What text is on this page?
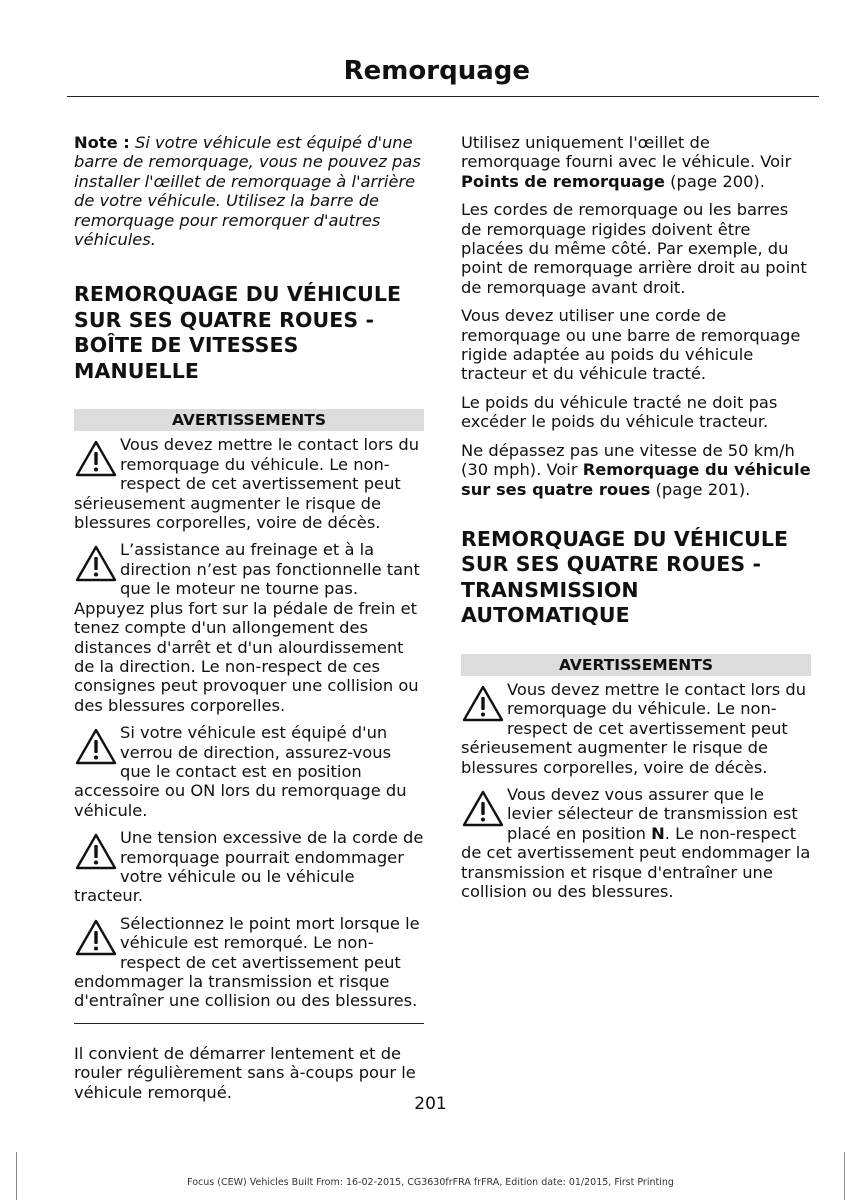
Remorquage

Note : Si votre véhicule est équipé d'une barre de remorquage, vous ne pouvez pas installer l'œillet de remorquage à l'arrière de votre véhicule. Utilisez la barre de remorquage pour remorquer d'autres véhicules.

REMORQUAGE DU VÉHICULE SUR SES QUATRE ROUES - BOÎTE DE VITESSES MANUELLE
AVERTISSEMENTS
Vous devez mettre le contact lors du remorquage du véhicule. Le non-respect de cet avertissement peut sérieusement augmenter le risque de blessures corporelles, voire de décès.
L’assistance au freinage et à la direction n’est pas fonctionnelle tant que le moteur ne tourne pas. Appuyez plus fort sur la pédale de frein et tenez compte d'un allongement des distances d'arrêt et d'un alourdissement de la direction. Le non-respect de ces consignes peut provoquer une collision ou des blessures corporelles.
Si votre véhicule est équipé d'un verrou de direction, assurez-vous que le contact est en position accessoire ou ON lors du remorquage du véhicule.
Une tension excessive de la corde de remorquage pourrait endommager votre véhicule ou le véhicule tracteur.
Sélectionnez le point mort lorsque le véhicule est remorqué. Le non-respect de cet avertissement peut endommager la transmission et risque d'entraîner une collision ou des blessures.

Il convient de démarrer lentement et de rouler régulièrement sans à-coups pour le véhicule remorqué.

Utilisez uniquement l'œillet de remorquage fourni avec le véhicule. Voir Points de remorquage (page 200).

Les cordes de remorquage ou les barres de remorquage rigides doivent être placées du même côté. Par exemple, du point de remorquage arrière droit au point de remorquage avant droit.

Vous devez utiliser une corde de remorquage ou une barre de remorquage rigide adaptée au poids du véhicule tracteur et du véhicule tracté.

Le poids du véhicule tracté ne doit pas excéder le poids du véhicule tracteur.

Ne dépassez pas une vitesse de 50 km/h (30 mph). Voir Remorquage du véhicule sur ses quatre roues (page 201).

REMORQUAGE DU VÉHICULE SUR SES QUATRE ROUES - TRANSMISSION AUTOMATIQUE
AVERTISSEMENTS
Vous devez mettre le contact lors du remorquage du véhicule. Le non-respect de cet avertissement peut sérieusement augmenter le risque de blessures corporelles, voire de décès.
Vous devez vous assurer que le levier sélecteur de transmission est placé en position N. Le non-respect de cet avertissement peut endommager la transmission et risque d'entraîner une collision ou des blessures.
201
Focus (CEW) Vehicles Built From: 16-02-2015, CG3630frFRA frFRA, Edition date: 01/2015, First Printing
